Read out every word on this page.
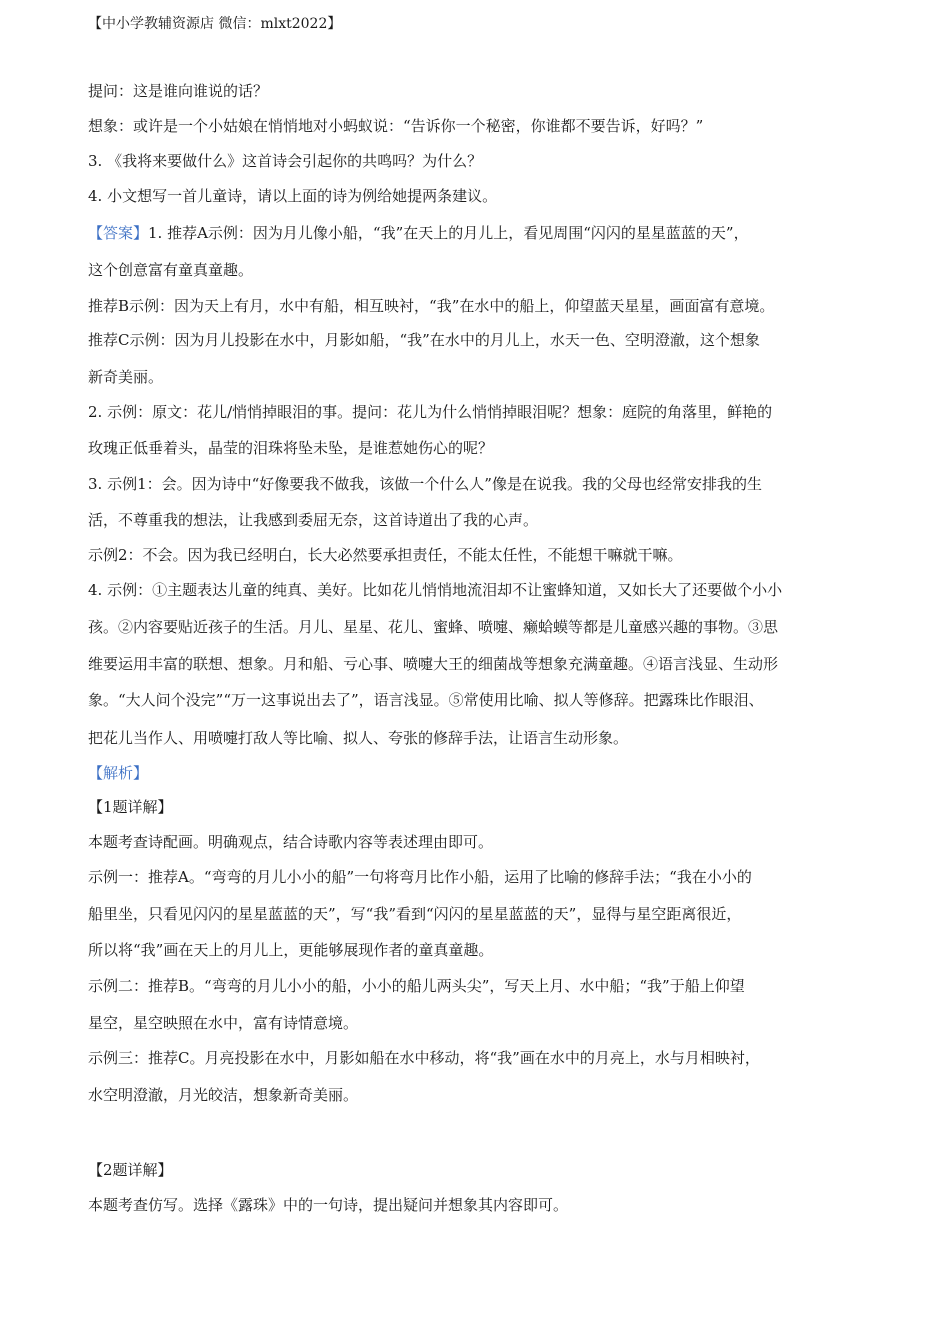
【中小学教辅资源店 微信：mlxt2022】
提问：这是谁向谁说的话？
想象：或许是一个小姑娘在悄悄地对小蚂蚁说：“告诉你一个秘密，你谁都不要告诉，好吗？”
3. 《我将来要做什么》这首诗会引起你的共鸣吗？为什么？
4. 小文想写一首儿童诗，请以上面的诗为例给她提两条建议。
【答案】1. 推荐A示例：因为月儿像小船，“我”在天上的月儿上，看见周围“闪闪的星星蓝蓝的天”，
这个创意富有童真童趣。
推荐B示例：因为天上有月，水中有船，相互映衬，“我”在水中的船上，仰望蓝天星星，画面富有意境。
推荐C示例：因为月儿投影在水中，月影如船，“我”在水中的月儿上，水天一色、空明澄澈，这个想象
新奇美丽。
2. 示例：原文：花儿/悄悄掉眼泪的事。提问：花儿为什么悄悄掉眼泪呢？想象：庭院的角落里，鲜艳的
玫瑰正低垂着头，晶莹的泪珠将坠未坠，是谁惹她伤心的呢？
3. 示例1：会。因为诗中“好像要我不做我，该做一个什么人”像是在说我。我的父母也经常安排我的生
活，不尊重我的想法，让我感到委屈无奈，这首诗道出了我的心声。
示例2：不会。因为我已经明白，长大必然要承担责任，不能太任性，不能想干嘛就干嘛。
4. 示例：①主题表达儿童的纯真、美好。比如花儿悄悄地流泪却不让蜜蜂知道，又如长大了还要做个小小
孩。②内容要贴近孩子的生活。月儿、星星、花儿、蜜蜂、喷嚏、癞蛤蟆等都是儿童感兴趣的事物。③思
维要运用丰富的联想、想象。月和船、亏心事、喷嚏大王的细菌战等想象充满童趣。④语言浅显、生动形
象。“大人问个没完”“万一这事说出去了”，语言浅显。⑤常使用比喻、拟人等修辞。把露珠比作眼泪、
把花儿当作人、用喷嚏打敌人等比喻、拟人、夸张的修辞手法，让语言生动形象。
【解析】
【1题详解】
本题考查诗配画。明确观点，结合诗歌内容等表述理由即可。
示例一：推荐A。“弯弯的月儿小小的船”一句将弯月比作小船，运用了比喻的修辞手法；“我在小小的
船里坐，只看见闪闪的星星蓝蓝的天”，写“我”看到“闪闪的星星蓝蓝的天”，显得与星空距离很近，
所以将“我”画在天上的月儿上，更能够展现作者的童真童趣。
示例二：推荐B。“弯弯的月儿小小的船，小小的船儿两头尖”，写天上月、水中船；“我”于船上仰望
星空，星空映照在水中，富有诗情意境。
示例三：推荐C。月亮投影在水中，月影如船在水中移动，将“我”画在水中的月亮上，水与月相映衬，
水空明澄澈，月光皎洁，想象新奇美丽。
【2题详解】
本题考查仿写。选择《露珠》中的一句诗，提出疑问并想象其内容即可。
